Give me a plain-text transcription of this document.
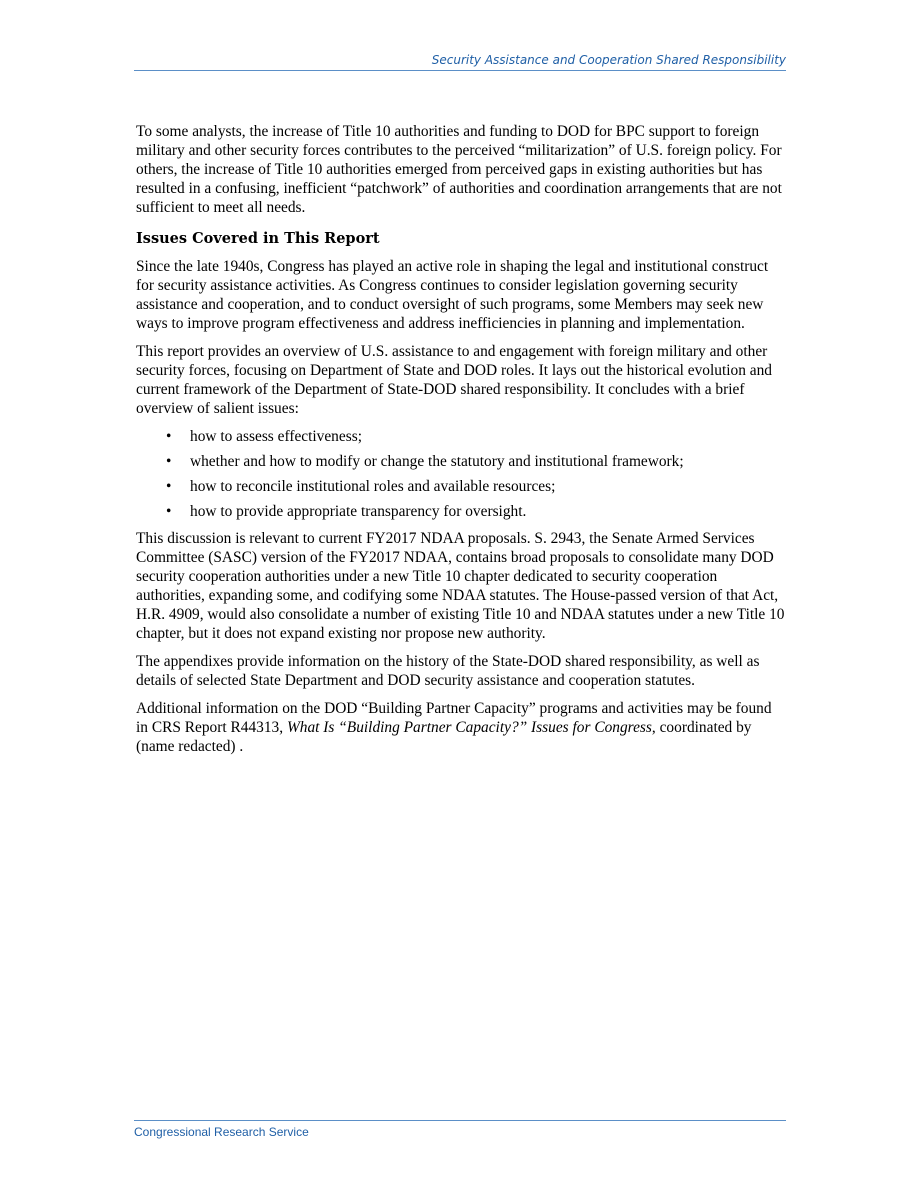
Security Assistance and Cooperation Shared Responsibility

To some analysts, the increase of Title 10 authorities and funding to DOD for BPC support to foreign military and other security forces contributes to the perceived “militarization” of U.S. foreign policy. For others, the increase of Title 10 authorities emerged from perceived gaps in existing authorities but has resulted in a confusing, inefficient “patchwork” of authorities and coordination arrangements that are not sufficient to meet all needs.

Issues Covered in This Report

Since the late 1940s, Congress has played an active role in shaping the legal and institutional construct for security assistance activities. As Congress continues to consider legislation governing security assistance and cooperation, and to conduct oversight of such programs, some Members may seek new ways to improve program effectiveness and address inefficiencies in planning and implementation.

This report provides an overview of U.S. assistance to and engagement with foreign military and other security forces, focusing on Department of State and DOD roles. It lays out the historical evolution and current framework of the Department of State-DOD shared responsibility. It concludes with a brief overview of salient issues:

• how to assess effectiveness;
• whether and how to modify or change the statutory and institutional framework;
• how to reconcile institutional roles and available resources;
• how to provide appropriate transparency for oversight.

This discussion is relevant to current FY2017 NDAA proposals. S. 2943, the Senate Armed Services Committee (SASC) version of the FY2017 NDAA, contains broad proposals to consolidate many DOD security cooperation authorities under a new Title 10 chapter dedicated to security cooperation authorities, expanding some, and codifying some NDAA statutes. The House-passed version of that Act, H.R. 4909, would also consolidate a number of existing Title 10 and NDAA statutes under a new Title 10 chapter, but it does not expand existing nor propose new authority.

The appendixes provide information on the history of the State-DOD shared responsibility, as well as details of selected State Department and DOD security assistance and cooperation statutes.

Additional information on the DOD “Building Partner Capacity” programs and activities may be found in CRS Report R44313, What Is “Building Partner Capacity?” Issues for Congress, coordinated by (name redacted) .

Congressional Research Service
